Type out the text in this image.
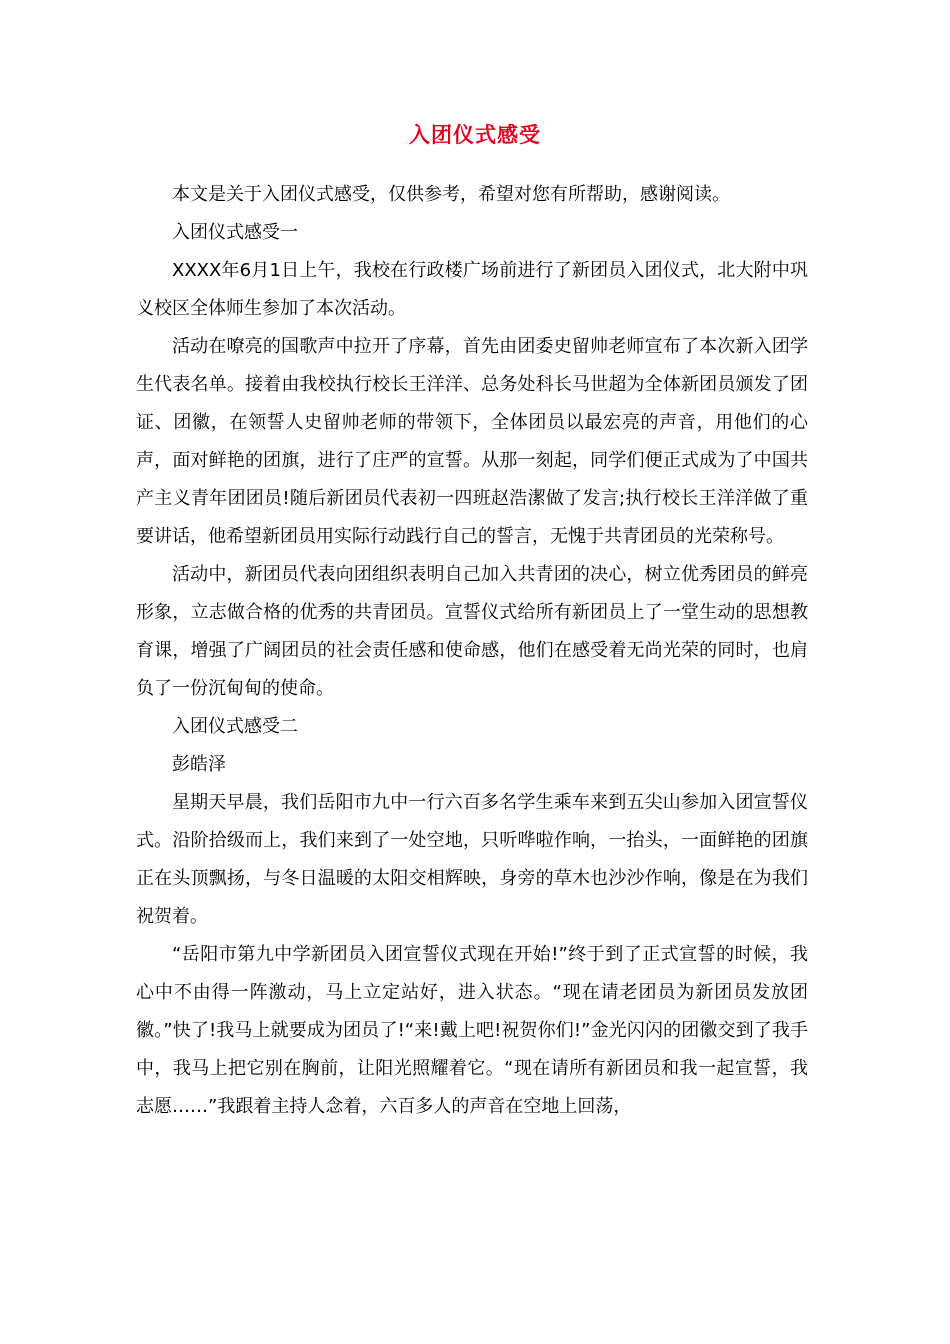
入团仪式感受

本文是关于入团仪式感受，仅供参考，希望对您有所帮助，感谢阅读。

入团仪式感受一

XXXX年6月1日上午，我校在行政楼广场前进行了新团员入团仪式，北大附中巩义校区全体师生参加了本次活动。

活动在嘹亮的国歌声中拉开了序幕，首先由团委史留帅老师宣布了本次新入团学生代表名单。接着由我校执行校长王洋洋、总务处科长马世超为全体新团员颁发了团证、团徽，在领誓人史留帅老师的带领下，全体团员以最宏亮的声音，用他们的心声，面对鲜艳的团旗，进行了庄严的宣誓。从那一刻起，同学们便正式成为了中国共产主义青年团团员!随后新团员代表初一四班赵浩潔做了发言;执行校长王洋洋做了重要讲话，他希望新团员用实际行动践行自己的誓言，无愧于共青团员的光荣称号。

活动中，新团员代表向团组织表明自己加入共青团的决心，树立优秀团员的鲜亮形象，立志做合格的优秀的共青团员。宣誓仪式给所有新团员上了一堂生动的思想教育课，增强了广阔团员的社会责任感和使命感，他们在感受着无尚光荣的同时，也肩负了一份沉甸甸的使命。

入团仪式感受二

彭皓泽

星期天早晨，我们岳阳市九中一行六百多名学生乘车来到五尖山参加入团宣誓仪式。沿阶拾级而上，我们来到了一处空地，只听哗啦作响，一抬头，一面鲜艳的团旗正在头顶飘扬，与冬日温暖的太阳交相辉映，身旁的草木也沙沙作响，像是在为我们祝贺着。

“岳阳市第九中学新团员入团宣誓仪式现在开始!”终于到了正式宣誓的时候，我心中不由得一阵激动，马上立定站好，进入状态。“现在请老团员为新团员发放团徽。”快了!我马上就要成为团员了!“来!戴上吧!祝贺你们!”金光闪闪的团徽交到了我手中，我马上把它别在胸前，让阳光照耀着它。“现在请所有新团员和我一起宣誓，我志愿……”我跟着主持人念着，六百多人的声音在空地上回荡，
